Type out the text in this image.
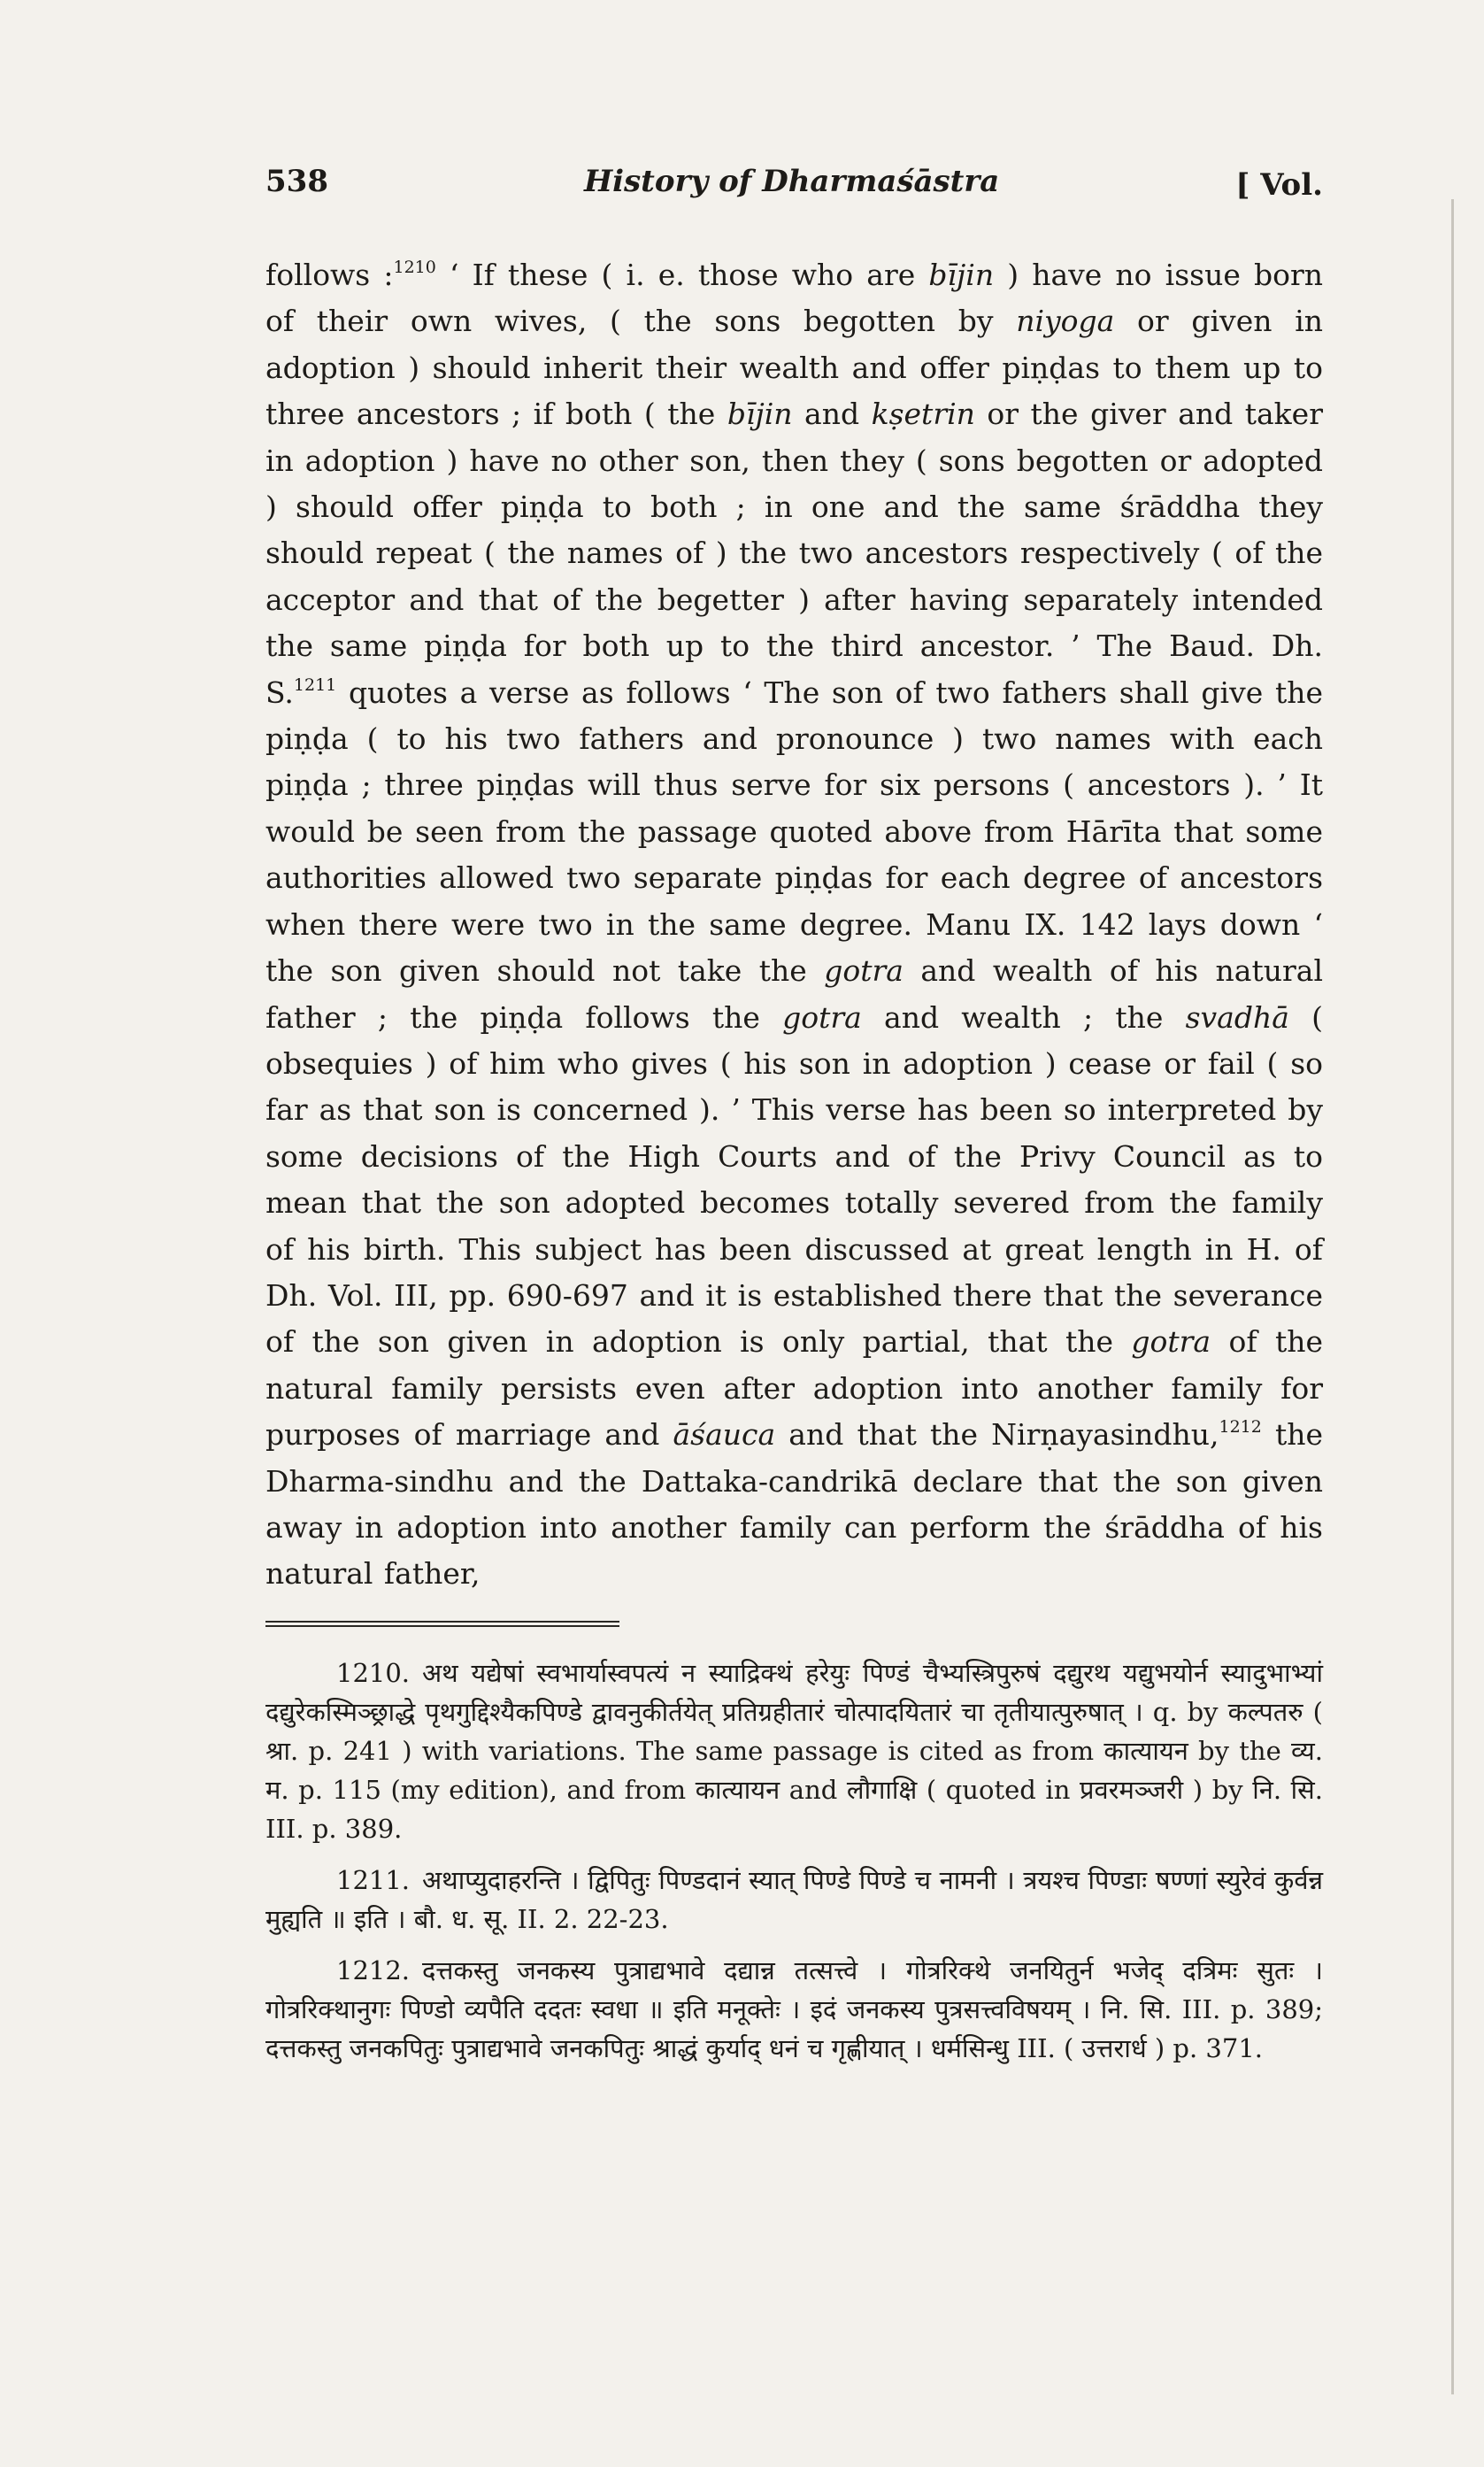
538	History of Dharmaśāstra	[ Vol.
follows :$^{1210}$ ‘ If these ( i. e. those who are bījin ) have no issue born of their own wives, ( the sons begotten by niyoga or given in adoption ) should inherit their wealth and offer piṇḍas to them up to three ancestors ; if both ( the bījin and kṣetrin or the giver and taker in adoption ) have no other son, then they ( sons begotten or adopted ) should offer piṇḍa to both ; in one and the same śrāddha they should repeat ( the names of ) the two ancestors respectively ( of the acceptor and that of the begetter ) after having separately intended the same piṇḍa for both up to the third ancestor. ’ The Baud. Dh. S.$^{1211}$ quotes a verse as follows ‘ The son of two fathers shall give the piṇḍa ( to his two fathers and pronounce ) two names with each piṇḍa ; three piṇḍas will thus serve for six persons ( ancestors ). ’ It would be seen from the passage quoted above from Hārīta that some authorities allowed two separate piṇḍas for each degree of ancestors when there were two in the same degree. Manu IX. 142 lays down ‘ the son given should not take the gotra and wealth of his natural father ; the piṇḍa follows the gotra and wealth ; the svadhā ( obsequies ) of him who gives ( his son in adoption ) cease or fail ( so far as that son is concerned ). ’ This verse has been so interpreted by some decisions of the High Courts and of the Privy Council as to mean that the son adopted becomes totally severed from the family of his birth. This subject has been discussed at great length in H. of Dh. Vol. III, pp. 690-697 and it is established there that the severance of the son given in adoption is only partial, that the gotra of the natural family persists even after adoption into another family for purposes of marriage and āśauca and that the Nirṇayasindhu,$^{1212}$ the Dharma-sindhu and the Dattaka-candrikā declare that the son given away in adoption into another family can perform the śrāddha of his natural father,

1210. अथ यद्येषां स्वभार्यास्वपत्यं न स्याद्रिक्थं हरेयुः पिण्डं चैभ्यस्त्रिपुरुषं दद्युरथ यद्युभयोर्न स्यादुभाभ्यां दद्युरेकस्मिञ्छ्राद्धे पृथगुद्दिश्यैकपिण्डे द्वावनुकीर्तयेत् प्रतिग्रहीतारं चोत्पादयितारं चा तृतीयात्पुरुषात् । q. by कल्पतरु ( श्रा. p. 241 ) with variations. The same passage is cited as from कात्यायन by the व्य. म. p. 115 (my edition), and from कात्यायन and लौगाक्षि ( quoted in प्रवरमञ्जरी ) by नि. सि. III. p. 389.

1211. अथाप्युदाहरन्ति । द्विपितुः पिण्डदानं स्यात् पिण्डे पिण्डे च नामनी । त्रयश्च पिण्डाः षण्णां स्युरेवं कुर्वन्न मुह्यति ॥ इति । बौ. ध. सू. II. 2. 22-23.

1212. दत्तकस्तु जनकस्य पुत्राद्यभावे दद्यान्न तत्सत्त्वे । गोत्ररिक्थे जनयितुर्न भजेद् दत्रिमः सुतः । गोत्ररिक्थानुगः पिण्डो व्यपैति ददतः स्वधा ॥ इति मनूक्तेः । इदं जनकस्य पुत्रसत्त्वविषयम् । नि. सि. III. p. 389; दत्तकस्तु जनकपितुः पुत्राद्यभावे जनकपितुः श्राद्धं कुर्याद् धनं च गृह्णीयात् । धर्मसिन्धु III. ( उत्तरार्ध ) p. 371.
